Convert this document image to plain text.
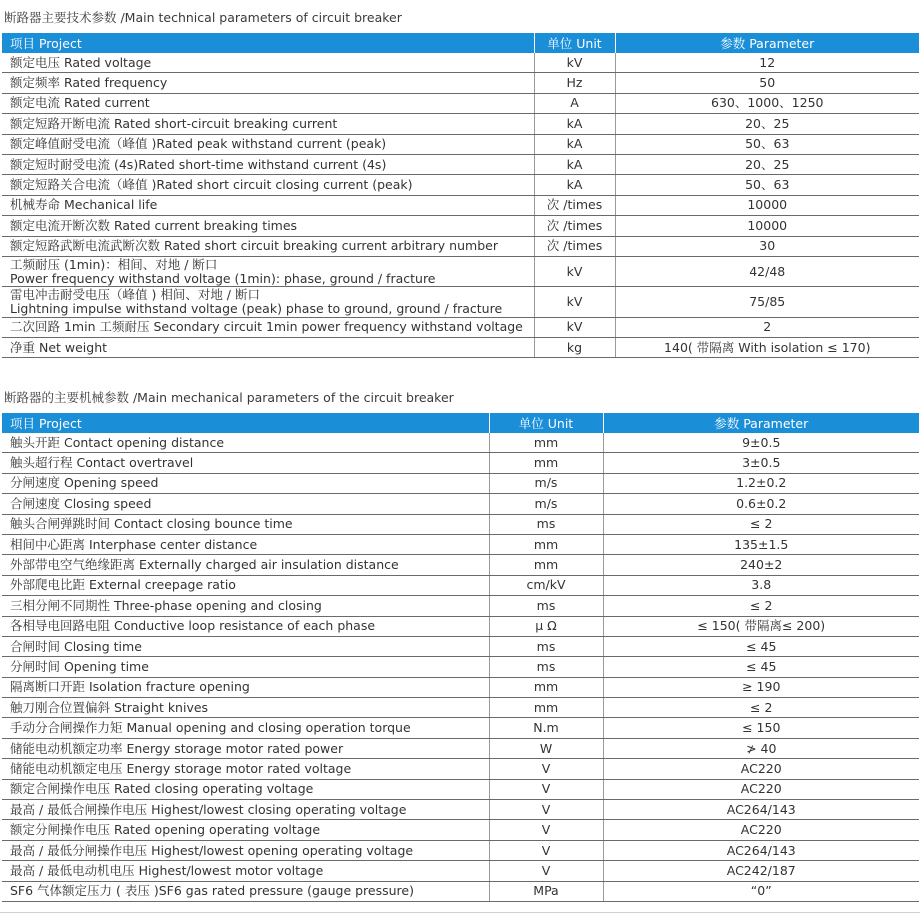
断路器主要技术参数 /Main technical parameters of circuit breaker
项目 Project	单位 Unit	参数 Parameter
额定电压 Rated voltage	kV	12
额定频率 Rated frequency	Hz	50
额定电流 Rated current	A	630、1000、1250
额定短路开断电流 Rated short-circuit breaking current	kA	20、25
额定峰值耐受电流（峰值 )Rated peak withstand current (peak)	kA	50、63
额定短时耐受电流 (4s)Rated short-time withstand current (4s)	kA	20、25
额定短路关合电流（峰值 )Rated short circuit closing current (peak)	kA	50、63
机械寿命 Mechanical life	次 /times	10000
额定电流开断次数 Rated current breaking times	次 /times	10000
额定短路武断电流武断次数 Rated short circuit breaking current arbitrary number	次 /times	30

工频耐压 (1min)：相间、对地 / 断口
Power frequency withstand voltage (1min): phase, ground / fracture	kV	42/48

雷电冲击耐受电压（峰值 ) 相间、对地 / 断口
Lightning impulse withstand voltage (peak) phase to ground, ground / fracture	kV	75/85
二次回路 1min 工频耐压 Secondary circuit 1min power frequency withstand voltage	kV	2
净重 Net weight	kg	140( 带隔离 With isolation ≤ 170)
断路器的主要机械参数 /Main mechanical parameters of the circuit breaker
项目 Project	单位 Unit	参数 Parameter
触头开距 Contact opening distance	mm	9±0.5
触头超行程 Contact overtravel	mm	3±0.5
分闸速度 Opening speed	m/s	1.2±0.2
合闸速度 Closing speed	m/s	0.6±0.2
触头合闸弹跳时间 Contact closing bounce time	ms	≤ 2
相间中心距离 Interphase center distance	mm	135±1.5
外部带电空气绝缘距离 Externally charged air insulation distance	mm	240±2
外部爬电比距 External creepage ratio	cm/kV	3.8
三相分闸不同期性 Three-phase opening and closing	ms	≤ 2
各相导电回路电阻 Conductive loop resistance of each phase	μ Ω	≤ 150( 带隔离≤ 200)
合闸时间 Closing time	ms	≤ 45
分闸时间 Opening time	ms	≤ 45
隔离断口开距 Isolation fracture opening	mm	≥ 190
触刀刚合位置偏斜 Straight knives	mm	≤ 2
手动分合闸操作力矩 Manual opening and closing operation torque	N.m	≤ 150
储能电动机额定功率 Energy storage motor rated power	W	≯ 40
储能电动机额定电压 Energy storage motor rated voltage	V	AC220
额定合闸操作电压 Rated closing operating voltage	V	AC220
最高 / 最低合闸操作电压 Highest/lowest closing operating voltage	V	AC264/143
额定分闸操作电压 Rated opening operating voltage	V	AC220
最高 / 最低分闸操作电压 Highest/lowest opening operating voltage	V	AC264/143
最高 / 最低电动机电压 Highest/lowest motor voltage	V	AC242/187
SF6 气体额定压力 ( 表压 )SF6 gas rated pressure (gauge pressure)	MPa	“0”
